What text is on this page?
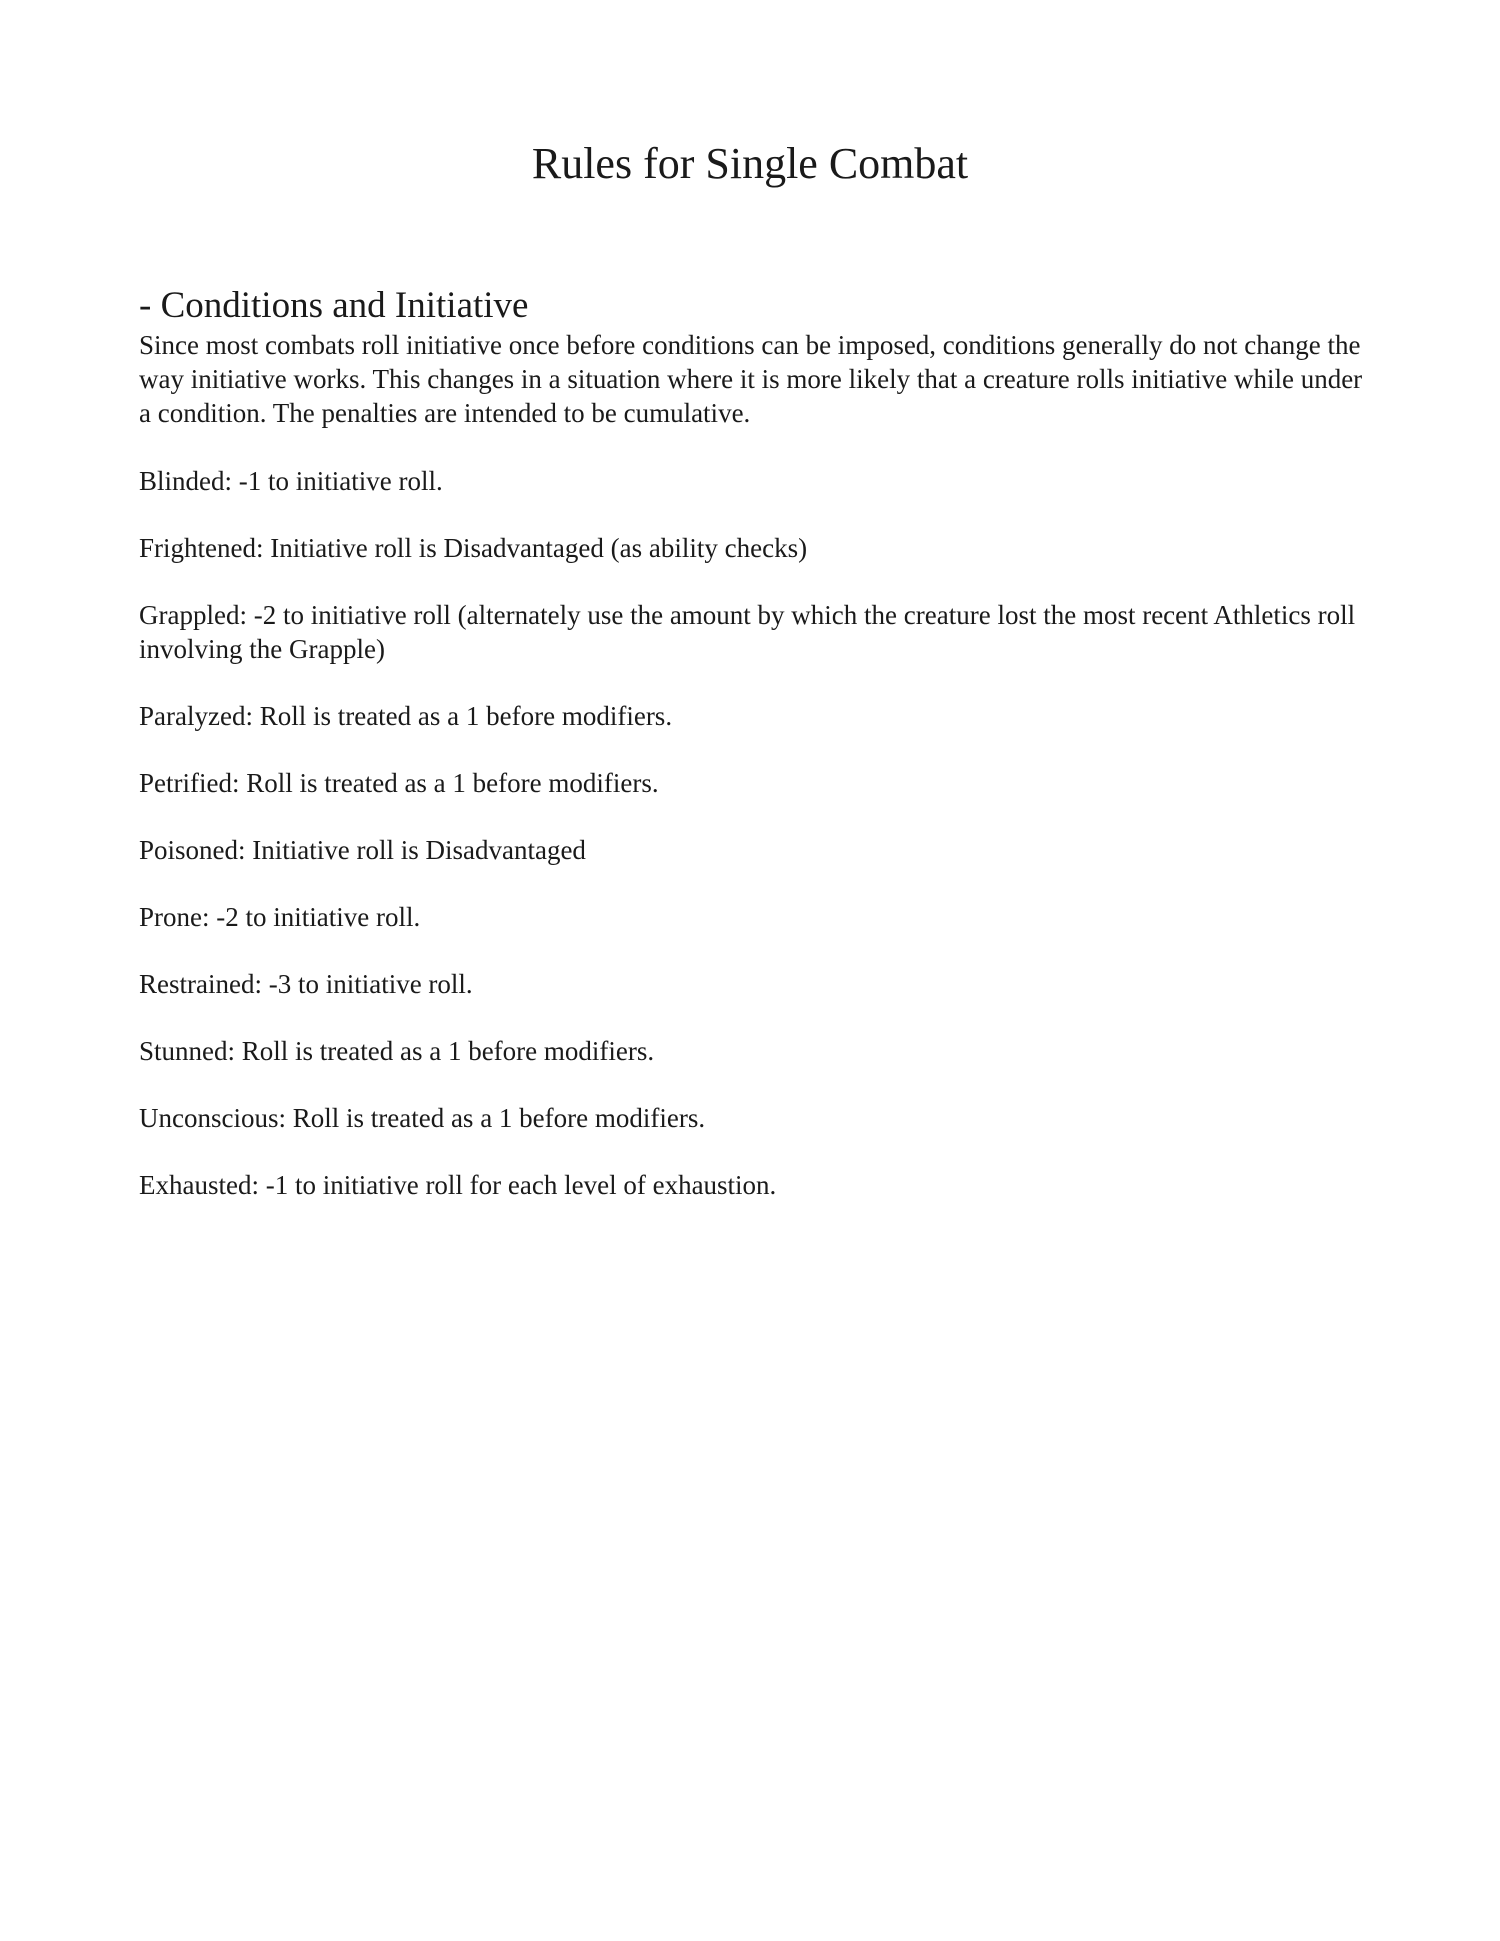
Rules for Single Combat
- Conditions and Initiative

Since most combats roll initiative once before conditions can be imposed, conditions generally do not change the way initiative works. This changes in a situation where it is more likely that a creature rolls initiative while under a condition. The penalties are intended to be cumulative.

Blinded: -1 to initiative roll.
Frightened: Initiative roll is Disadvantaged (as ability checks)
Grappled: -2 to initiative roll (alternately use the amount by which the creature lost the most recent Athletics roll involving the Grapple)
Paralyzed: Roll is treated as a 1 before modifiers.
Petrified: Roll is treated as a 1 before modifiers.
Poisoned: Initiative roll is Disadvantaged
Prone: -2 to initiative roll.
Restrained: -3 to initiative roll.
Stunned: Roll is treated as a 1 before modifiers.
Unconscious: Roll is treated as a 1 before modifiers.
Exhausted: -1 to initiative roll for each level of exhaustion.
